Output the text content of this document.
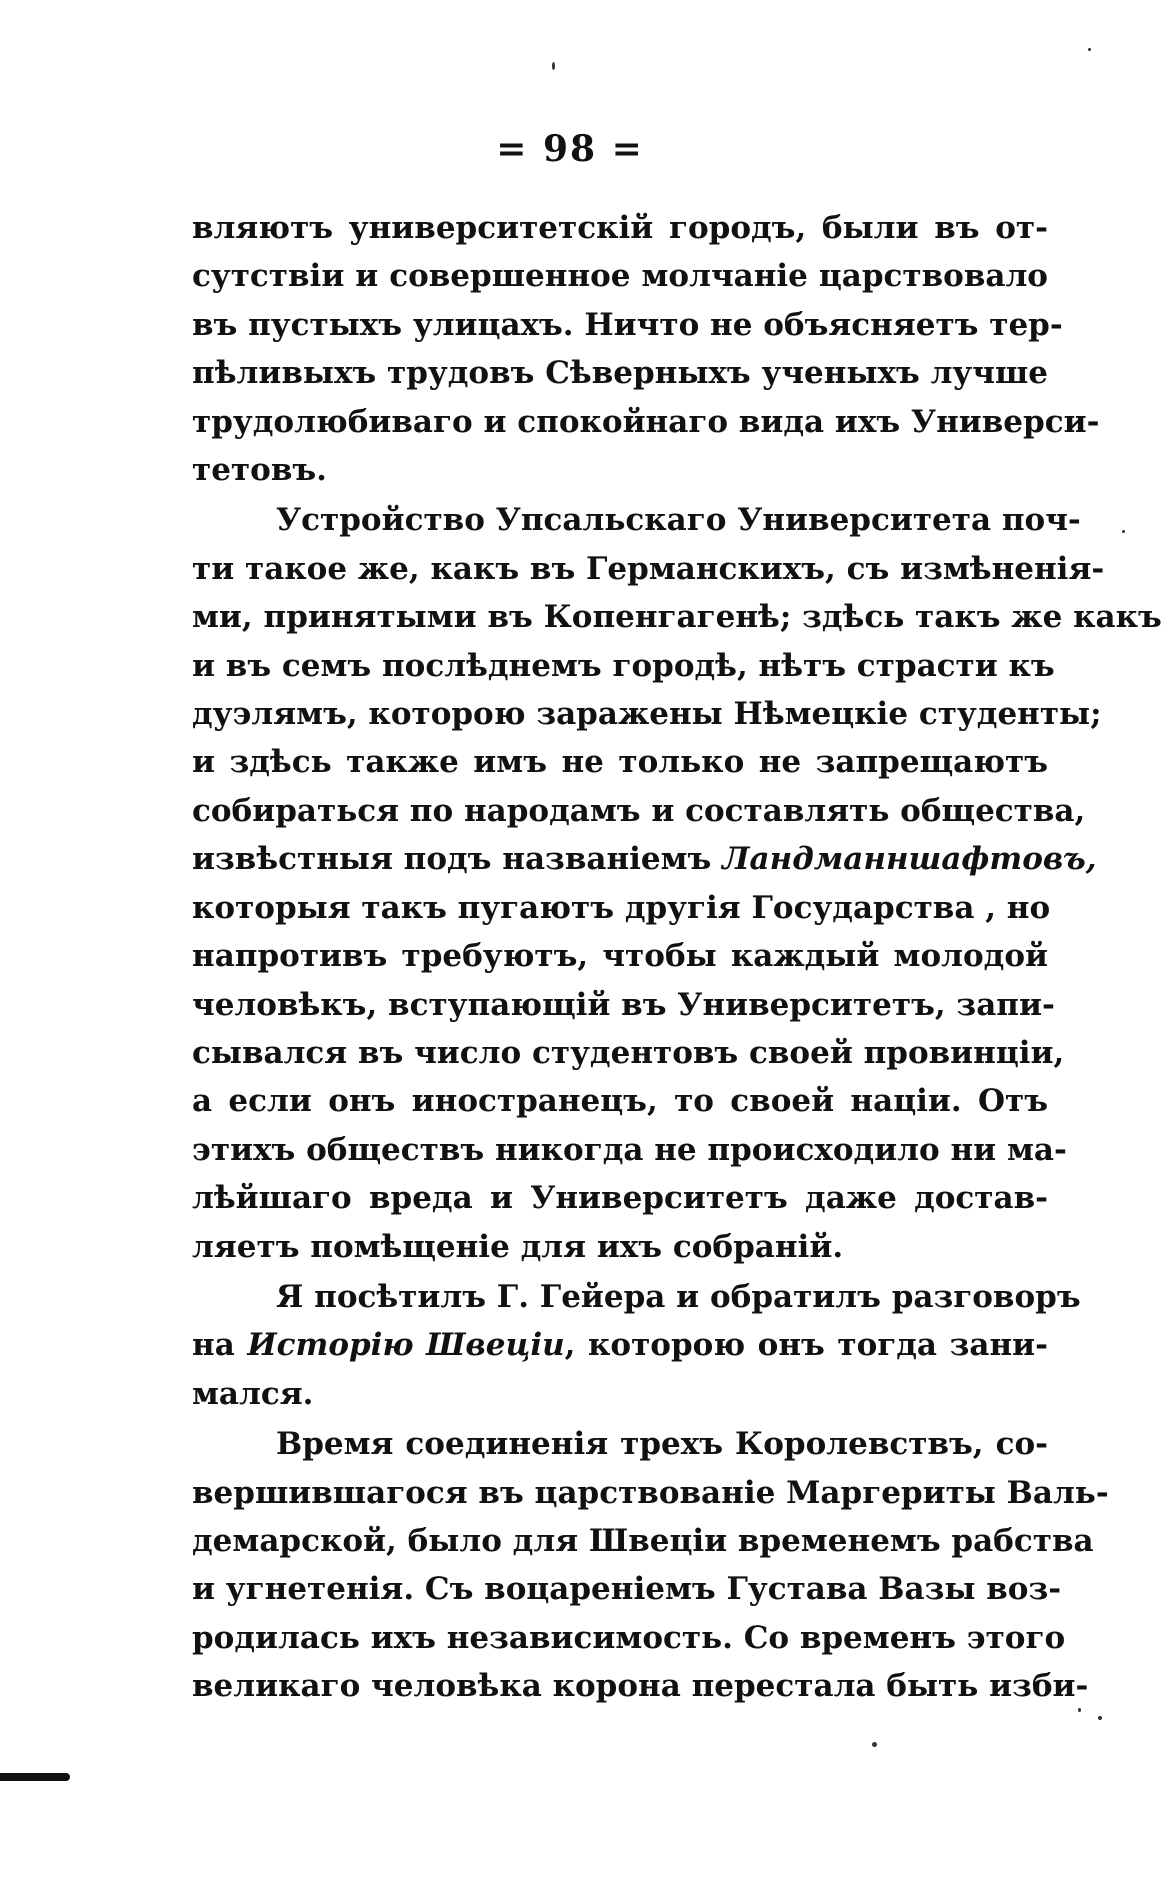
= 98 =
вляютъ университетскій городъ, были въ от-
сутствіи и совершенное молчаніе царствовало
въ пустыхъ улицахъ. Ничто не объясняетъ тер-
пѣливыхъ трудовъ Сѣверныхъ ученыхъ лучше
трудолюбиваго и спокойнаго вида ихъ Универси-
тетовъ.
Устройство Упсальскаго Университета поч-
ти такое же, какъ въ Германскихъ, съ измѣненія-
ми, принятыми въ Копенгагенѣ; здѣсь такъ же какъ
и въ семъ послѣднемъ городѣ, нѣтъ страсти къ
дуэлямъ, которою заражены Нѣмецкіе студенты;
и здѣсь также имъ не только не запрещаютъ
собираться по народамъ и составлять общества,
извѣстныя подъ названіемъ Ландманншафтовъ,
которыя такъ пугаютъ другія Государства , но
напротивъ требуютъ, чтобы каждый молодой
человѣкъ, вступающій въ Университетъ, запи-
сывался въ число студентовъ своей провинціи,
а если онъ иностранецъ, то своей націи. Отъ
этихъ обществъ никогда не происходило ни ма-
лѣйшаго вреда и Университетъ даже достав-
ляетъ помѣщеніе для ихъ собраній.
Я посѣтилъ Г. Гейера и обратилъ разговоръ
на Исторію Швеціи, которою онъ тогда зани-
мался.
Время соединенія трехъ Королевствъ, со-
вершившагося въ царствованіе Маргериты Валь-
демарской, было для Швеціи временемъ рабства
и угнетенія. Съ воцареніемъ Густава Вазы воз-
родилась ихъ независимость. Со временъ этого
великаго человѣка корона перестала быть изби-
